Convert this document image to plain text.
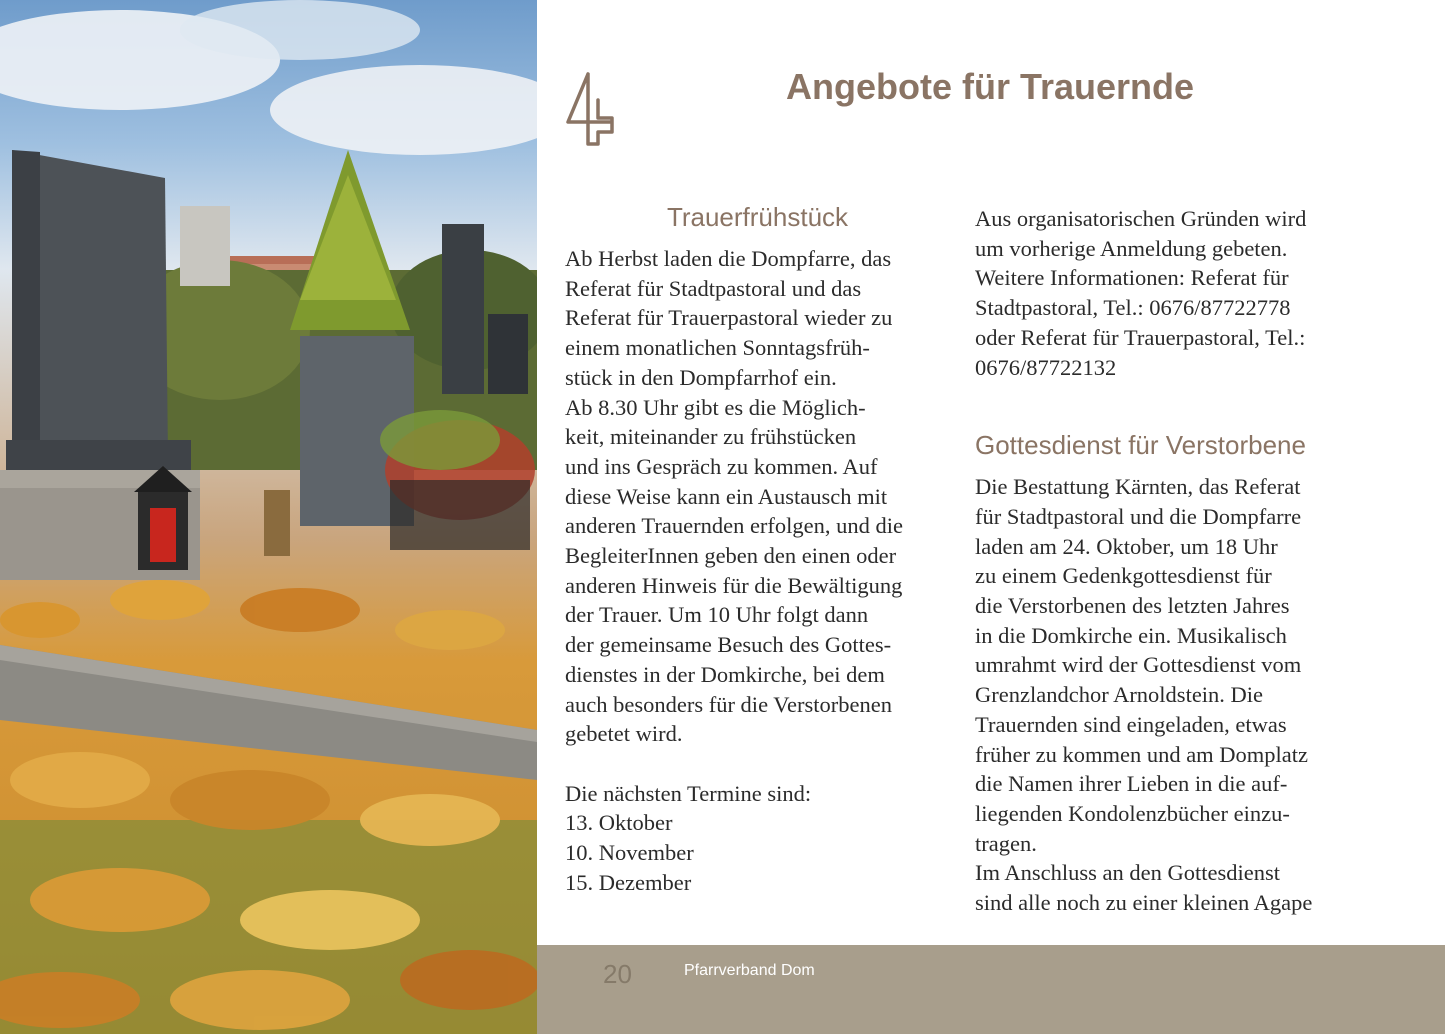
Angebote für Trauernde
Trauerfrühstück

Ab Herbst laden die Dompfarre, das
Referat für Stadtpastoral und das
Referat für Trauerpastoral wieder zu
einem monatlichen Sonntagsfrüh-
stück in den Dompfarrhof ein.
Ab 8.30 Uhr gibt es die Möglich-
keit, miteinander zu frühstücken
und ins Gespräch zu kommen. Auf
diese Weise kann ein Austausch mit
anderen Trauernden erfolgen, und die
BegleiterInnen geben den einen oder
anderen Hinweis für die Bewältigung
der Trauer. Um 10 Uhr folgt dann
der gemeinsame Besuch des Gottes-
dienstes in der Domkirche, bei dem
auch besonders für die Verstorbenen
gebetet wird.

Die nächsten Termine sind:

13. Oktober
10. November
15. Dezember

Aus organisatorischen Gründen wird
um vorherige Anmeldung gebeten.
Weitere Informationen: Referat für
Stadtpastoral, Tel.: 0676/87722778
oder Referat für Trauerpastoral, Tel.:
0676/87722132

Gottesdienst für Verstorbene

Die Bestattung Kärnten, das Referat
für Stadtpastoral und die Dompfarre
laden am 24. Oktober, um 18 Uhr
zu einem Gedenkgottesdienst für
die Verstorbenen des letzten Jahres
in die Domkirche ein. Musikalisch
umrahmt wird der Gottesdienst vom
Grenzlandchor Arnoldstein. Die
Trauernden sind eingeladen, etwas
früher zu kommen und am Domplatz
die Namen ihrer Lieben in die auf-
liegenden Kondolenzbücher einzu-
tragen.
Im Anschluss an den Gottesdienst
sind alle noch zu einer kleinen Agape

20	Pfarrverband Dom
